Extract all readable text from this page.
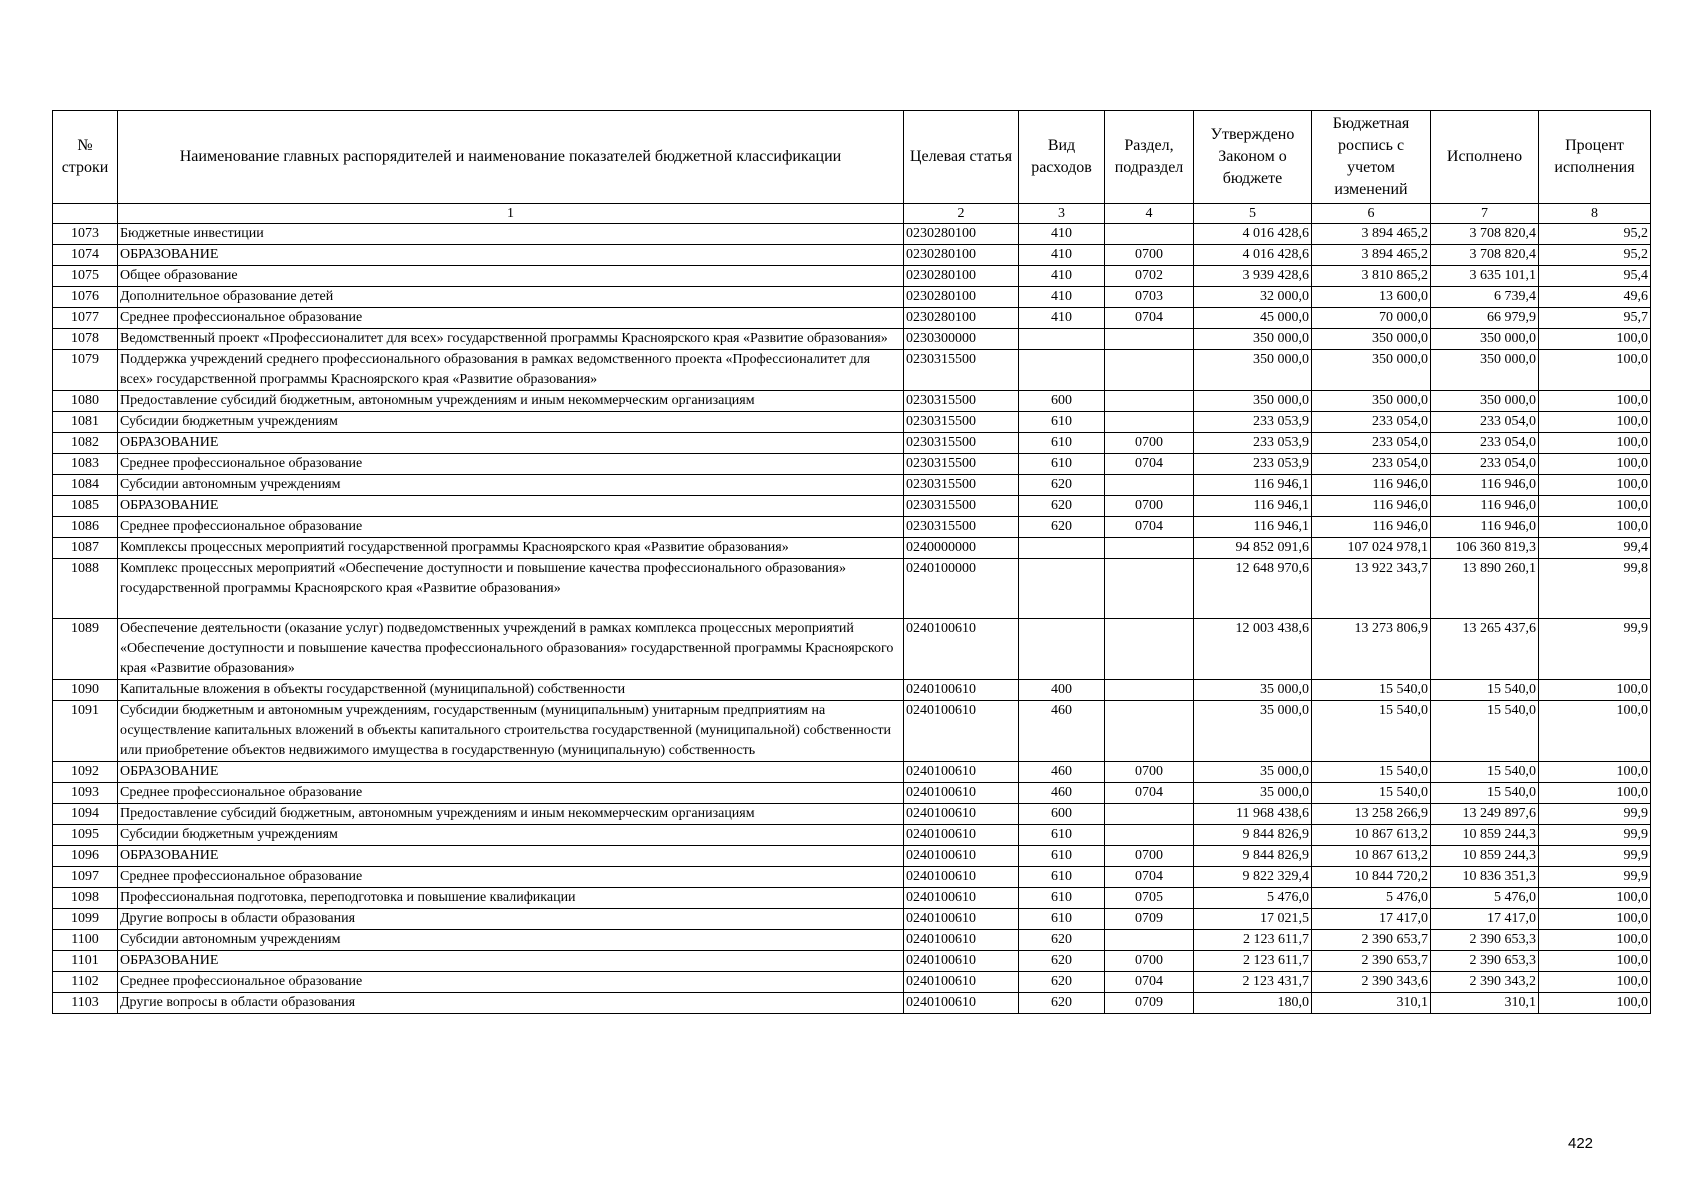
№ строки	Наименование главных распорядителей и наименование показателей бюджетной классификации	Целевая статья	Вид расходов	Раздел, подраздел	Утверждено Законом о бюджете	Бюджетная роспись с учетом изменений	Исполнено	Процент исполнения
	1	2	3	4	5	6	7	8
1073	Бюджетные инвестиции	0230280100	410		4 016 428,6	3 894 465,2	3 708 820,4	95,2
1074	ОБРАЗОВАНИЕ	0230280100	410	0700	4 016 428,6	3 894 465,2	3 708 820,4	95,2
1075	Общее образование	0230280100	410	0702	3 939 428,6	3 810 865,2	3 635 101,1	95,4
1076	Дополнительное образование детей	0230280100	410	0703	32 000,0	13 600,0	6 739,4	49,6
1077	Среднее профессиональное образование	0230280100	410	0704	45 000,0	70 000,0	66 979,9	95,7
1078	Ведомственный проект «Профессионалитет для всех» государственной программы Красноярского края «Развитие образования»	0230300000			350 000,0	350 000,0	350 000,0	100,0
1079	Поддержка учреждений среднего профессионального образования в рамках ведомственного проекта «Профессионалитет для всех» государственной программы Красноярского края «Развитие образования»	0230315500			350 000,0	350 000,0	350 000,0	100,0
1080	Предоставление субсидий бюджетным, автономным учреждениям и иным некоммерческим организациям	0230315500	600		350 000,0	350 000,0	350 000,0	100,0
1081	Субсидии бюджетным учреждениям	0230315500	610		233 053,9	233 054,0	233 054,0	100,0
1082	ОБРАЗОВАНИЕ	0230315500	610	0700	233 053,9	233 054,0	233 054,0	100,0
1083	Среднее профессиональное образование	0230315500	610	0704	233 053,9	233 054,0	233 054,0	100,0
1084	Субсидии автономным учреждениям	0230315500	620		116 946,1	116 946,0	116 946,0	100,0
1085	ОБРАЗОВАНИЕ	0230315500	620	0700	116 946,1	116 946,0	116 946,0	100,0
1086	Среднее профессиональное образование	0230315500	620	0704	116 946,1	116 946,0	116 946,0	100,0
1087	Комплексы процессных мероприятий государственной программы Красноярского края «Развитие образования»	0240000000			94 852 091,6	107 024 978,1	106 360 819,3	99,4
1088	Комплекс процессных мероприятий «Обеспечение доступности и повышение качества профессионального образования» государственной программы Красноярского края «Развитие образования»	0240100000			12 648 970,6	13 922 343,7	13 890 260,1	99,8
1089	Обеспечение деятельности (оказание услуг) подведомственных учреждений в рамках комплекса процессных мероприятий «Обеспечение доступности и повышение качества профессионального образования» государственной программы Красноярского края «Развитие образования»	0240100610			12 003 438,6	13 273 806,9	13 265 437,6	99,9
1090	Капитальные вложения в объекты государственной (муниципальной) собственности	0240100610	400		35 000,0	15 540,0	15 540,0	100,0
1091	Субсидии бюджетным и автономным учреждениям, государственным (муниципальным) унитарным предприятиям на осуществление капитальных вложений в объекты капитального строительства государственной (муниципальной) собственности или приобретение объектов недвижимого имущества в государственную (муниципальную) собственность	0240100610	460		35 000,0	15 540,0	15 540,0	100,0
1092	ОБРАЗОВАНИЕ	0240100610	460	0700	35 000,0	15 540,0	15 540,0	100,0
1093	Среднее профессиональное образование	0240100610	460	0704	35 000,0	15 540,0	15 540,0	100,0
1094	Предоставление субсидий бюджетным, автономным учреждениям и иным некоммерческим организациям	0240100610	600		11 968 438,6	13 258 266,9	13 249 897,6	99,9
1095	Субсидии бюджетным учреждениям	0240100610	610		9 844 826,9	10 867 613,2	10 859 244,3	99,9
1096	ОБРАЗОВАНИЕ	0240100610	610	0700	9 844 826,9	10 867 613,2	10 859 244,3	99,9
1097	Среднее профессиональное образование	0240100610	610	0704	9 822 329,4	10 844 720,2	10 836 351,3	99,9
1098	Профессиональная подготовка, переподготовка и повышение квалификации	0240100610	610	0705	5 476,0	5 476,0	5 476,0	100,0
1099	Другие вопросы в области образования	0240100610	610	0709	17 021,5	17 417,0	17 417,0	100,0
1100	Субсидии автономным учреждениям	0240100610	620		2 123 611,7	2 390 653,7	2 390 653,3	100,0
1101	ОБРАЗОВАНИЕ	0240100610	620	0700	2 123 611,7	2 390 653,7	2 390 653,3	100,0
1102	Среднее профессиональное образование	0240100610	620	0704	2 123 431,7	2 390 343,6	2 390 343,2	100,0
1103	Другие вопросы в области образования	0240100610	620	0709	180,0	310,1	310,1	100,0
422
